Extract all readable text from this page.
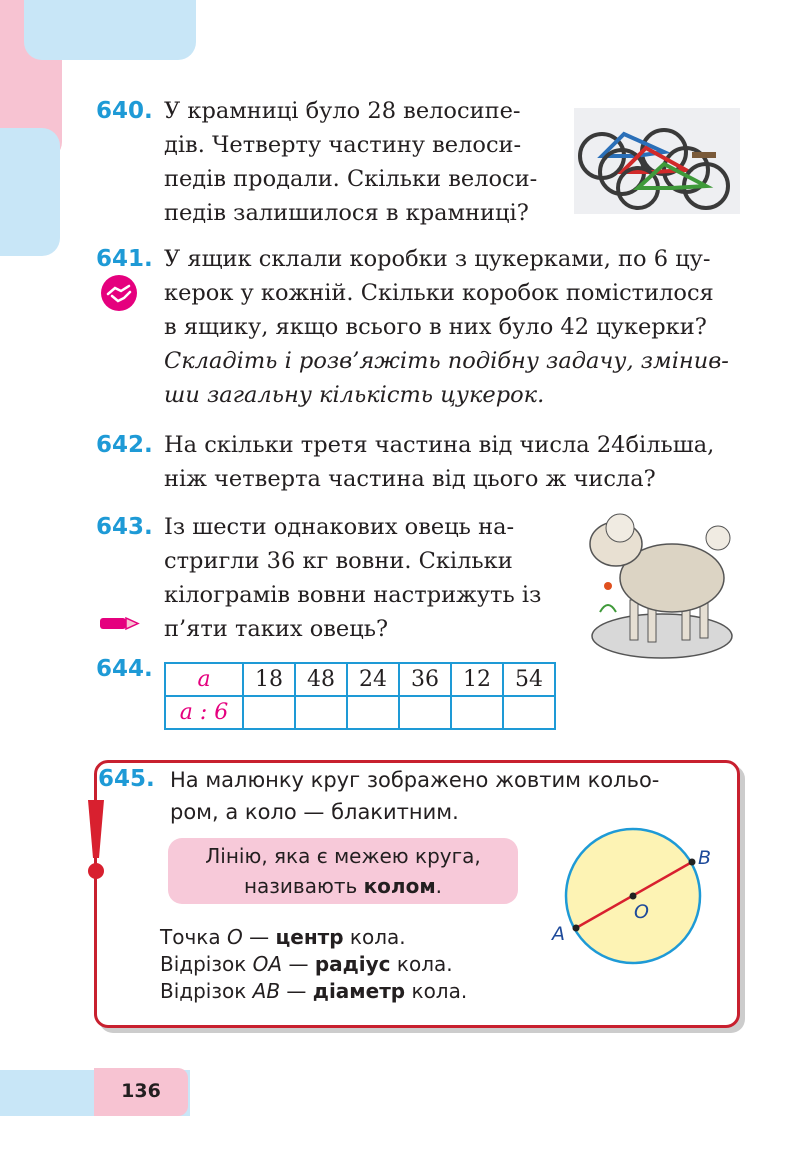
640. У крамниці було 28 велосипе-
дів. Четверту частину велоси-
педів продали. Скільки велоси-
педів залишилося в крамниці?
641. У ящик склали коробки з цукерками, по 6 цу-
керок у кожній. Скільки коробок помістилося
в ящику, якщо всього в них було 42 цукерки?
Складіть і розв’яжіть подібну задачу, змінив-
ши загальну кількість цукерок.
642. На скільки третя частина від числа 24більша,
ніж четверта частина від цього ж числа?
643. Із шести однакових овець на-
стригли 36 кг вовни. Скільки
кілограмів вовни настрижуть із
п’яти таких овець?
644. a	18	48	24	36	12	54
a : 6						
645. На малюнку круг зображено жовтим кольо-
ром, а коло — блакитним.
Лінію, яка є межею круга,
називають колом.
Точка O — центр кола.
Відрізок OA — радіус кола.
Відрізок AB — діаметр кола.
A
B
O
136
